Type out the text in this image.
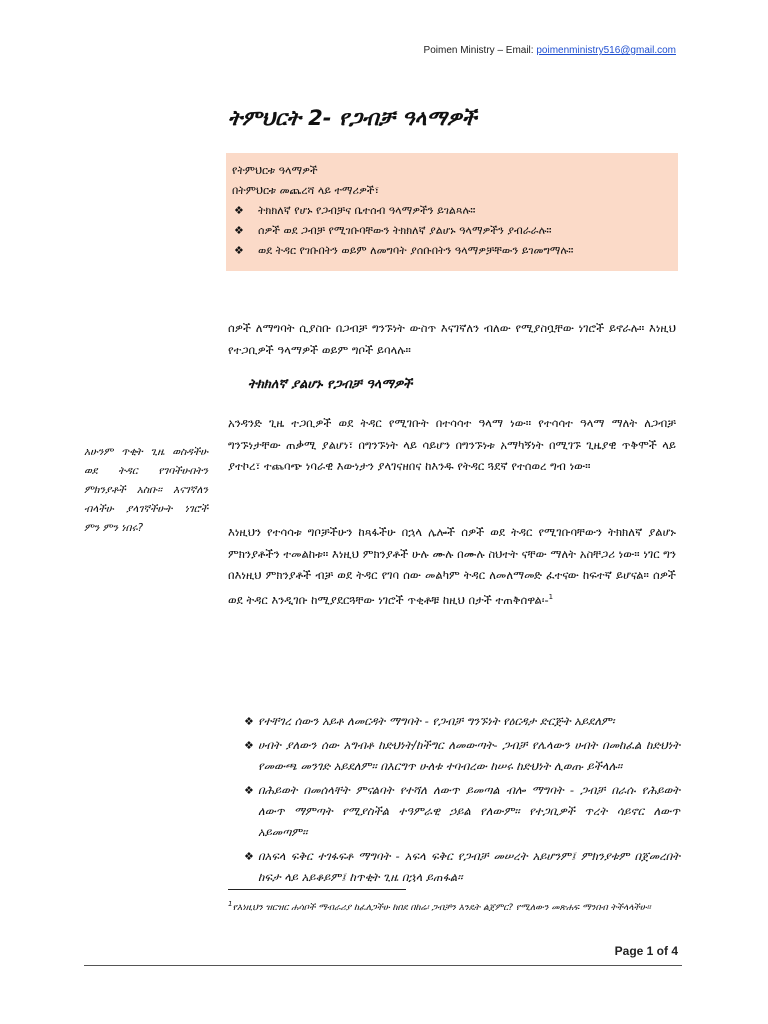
Poimen Ministry – Email: poimenministry516@gmail.com
ትምህርት 2- የጋብቻ ዓላማዎች
የትምህርቱ ዓላማዎች
በትምህርቱ መጨረሻ ላይ ተማሪዎች፣
❖	ትክክለኛ የሆኑ የጋብቻና ቤተሰብ ዓላማዎችን ይገልጻሉ።
❖	ሰዎች ወደ ጋብቻ የሚገቡባቸውን ትክክለኛ ያልሆኑ ዓላማዎችን ያብራራሉ።
❖	ወደ ትዳር የገቡበትን ወይም ለመግባት ያሰቡበትን ዓላማዎቻቸውን ይገመግማሉ።
ሰዎች ለማግባት ሲያስቡ በጋብቻ ግንኙነት ውስጥ እናገኛለን ብለው የሚያስቧቸው ነገሮች ይኖራሉ። እነዚህ የተጋቢዎች ዓላማዎች ወይም ግቦች ይባላሉ።
ትክክለኛ ያልሆኑ የጋብቻ ዓላማዎች
አሁንም ጥቂት ጊዜ ወስዳችሁ ወደ ትዳር የገባችሁበትን ምክንያቶች አስቡ። እናገኛለን ብላችሁ ያላገኛችሁት ነገሮች ምን ምን ነበሩ?
አንዳንድ ጊዜ ተጋቢዎች ወደ ትዳር የሚገቡት በተሳሳተ ዓላማ ነው። የተሳሳተ ዓላማ ማለት ለጋብቻ ግንኙነታቸው ጠቃሚ ያልሆነ፣ በግንኙነት ላይ ሳይሆን በግንኙነቱ አማካኝነት በሚገኙ ጊዜያዊ ጥቅሞች ላይ ያተኮረ፣ ተጨባጭ ነባራዊ እውነታን ያላገናዘበና ከእንዱ የትዳር ጓደኛ የተሰወረ ግብ ነው።
እነዚህን የተሳሳቱ ግቦቻችሁን ከጻፋችሁ በኋላ ሌሎች ሰዎች ወደ ትዳር የሚገቡባቸውን ትክክለኛ ያልሆኑ ምክንያቶችን ተመልከቱ። እነዚህ ምክንያቶች ሁሉ ሙሉ በሙሉ ስህተት ናቸው ማለት አስቸጋሪ ነው። ነገር ግን በእነዚህ ምክንያቶች ብቻ ወደ ትዳር የገባ ሰው መልካም ትዳር ለመለማመድ ፈተናው ከፍተኛ ይሆናል። ሰዎች ወደ ትዳር እንዲገቡ ከሚያደርጓቸው ነገሮች ጥቂቶቹ ከዚህ በታች ተጠቅሰዋል፡-$^1$
❖ የተቸገረ ሰውን አይቶ ለመርዳት ማግባት - የጋብቻ ግንኙነት የዕርዳታ ድርጅት አይደለም፡
❖ ሀብት ያለውን ሰው አግብቶ ከድህነት/ከችግር ለመውጣት- ጋብቻ የሌላውን ሀብት በመከፈል ከድህነት የመውጫ መንገድ አይደለም። በእርግጥ ሁለቱ ተባብረው ከሠሩ ከድህነት ሊወጡ ይችላሉ።
❖ በሕይወት በመሰላቸት ምናልባት የተሻለ ለውጥ ይመጣል ብሎ ማግባት - ጋብቻ በራሱ የሕይወት ለውጥ ማምጣት የሚያስችል ተዓምራዊ ኃይል የለውም። የተጋቢዎች ጥረት ሳይኖር ለውጥ አይመጣም።
❖ በአፍላ ፍቅር ተገፋፍቶ ማግባት - አፍላ ፍቅር የጋብቻ መሠረት አይሆንም፤ ምክንያቱም በጀመረበት ከፍታ ላይ አይቆይም፤ ከጥቂት ጊዜ በኋላ ይጠፋል።
$^1$የእነዚህን ዝርዝር ሐሳቦች ማብራሪያ ከፈለጋችሁ ከበደ በከሬ፡ ጋብቻን እንዴት ልጀምር? የሚለውን መጽሐፍ ማንበብ ትችላላችሁ።
Page 1 of 4
